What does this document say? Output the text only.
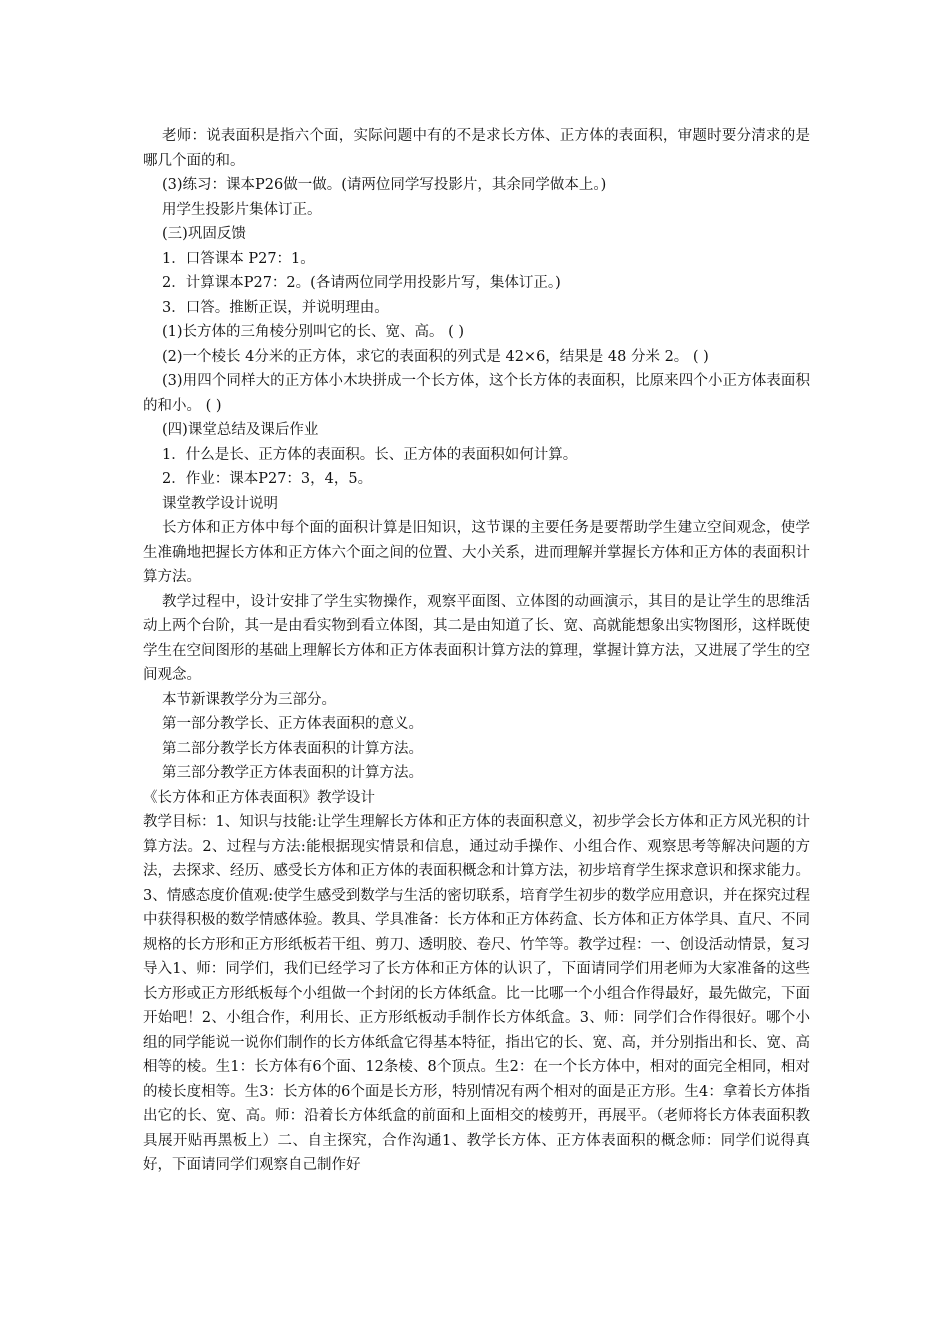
老师：说表面积是指六个面，实际问题中有的不是求长方体、正方体的表面积，审题时要分清求的是哪几个面的和。

(3)练习：课本P26做一做。(请两位同学写投影片，其余同学做本上。)

用学生投影片集体订正。

(三)巩固反馈

1．口答课本 P27：1。

2．计算课本P27：2。(各请两位同学用投影片写，集体订正。)

3．口答。推断正误，并说明理由。

(1)长方体的三角棱分别叫它的长、宽、高。 ( )

(2)一个棱长 4分米的正方体，求它的表面积的列式是 42×6，结果是 48 分米 2。 ( )

(3)用四个同样大的正方体小木块拼成一个长方体，这个长方体的表面积，比原来四个小正方体表面积的和小。 ( )

(四)课堂总结及课后作业

1．什么是长、正方体的表面积。长、正方体的表面积如何计算。

2．作业：课本P27：3，4，5。

课堂教学设计说明

长方体和正方体中每个面的面积计算是旧知识，这节课的主要任务是要帮助学生建立空间观念，使学生准确地把握长方体和正方体六个面之间的位置、大小关系，进而理解并掌握长方体和正方体的表面积计算方法。

教学过程中，设计安排了学生实物操作，观察平面图、立体图的动画演示，其目的是让学生的思维活动上两个台阶，其一是由看实物到看立体图，其二是由知道了长、宽、高就能想象出实物图形，这样既使学生在空间图形的基础上理解长方体和正方体表面积计算方法的算理，掌握计算方法，又进展了学生的空间观念。

本节新课教学分为三部分。

第一部分教学长、正方体表面积的意义。

第二部分教学长方体表面积的计算方法。

第三部分教学正方体表面积的计算方法。

《长方体和正方体表面积》教学设计

教学目标：1、知识与技能:让学生理解长方体和正方体的表面积意义，初步学会长方体和正方风光积的计算方法。2、过程与方法:能根据现实情景和信息，通过动手操作、小组合作、观察思考等解决问题的方法，去探求、经历、感受长方体和正方体的表面积概念和计算方法，初步培育学生探求意识和探求能力。3、情感态度价值观:使学生感受到数学与生活的密切联系，培育学生初步的数学应用意识，并在探究过程中获得积极的数学情感体验。教具、学具准备：长方体和正方体药盒、长方体和正方体学具、直尺、不同规格的长方形和正方形纸板若干组、剪刀、透明胶、卷尺、竹竿等。教学过程：一、创设活动情景，复习导入1、师：同学们，我们已经学习了长方体和正方体的认识了，下面请同学们用老师为大家准备的这些长方形或正方形纸板每个小组做一个封闭的长方体纸盒。比一比哪一个小组合作得最好，最先做完，下面开始吧！2、小组合作，利用长、正方形纸板动手制作长方体纸盒。3、师：同学们合作得很好。哪个小组的同学能说一说你们制作的长方体纸盒它得基本特征，指出它的长、宽、高，并分别指出和长、宽、高相等的棱。生1：长方体有6个面、12条棱、8个顶点。生2：在一个长方体中，相对的面完全相同，相对的棱长度相等。生3：长方体的6个面是长方形，特别情况有两个相对的面是正方形。生4：拿着长方体指出它的长、宽、高。师：沿着长方体纸盒的前面和上面相交的棱剪开，再展平。（老师将长方体表面积教具展开贴再黑板上）二、自主探究，合作沟通1、教学长方体、正方体表面积的概念师：同学们说得真好，下面请同学们观察自己制作好
